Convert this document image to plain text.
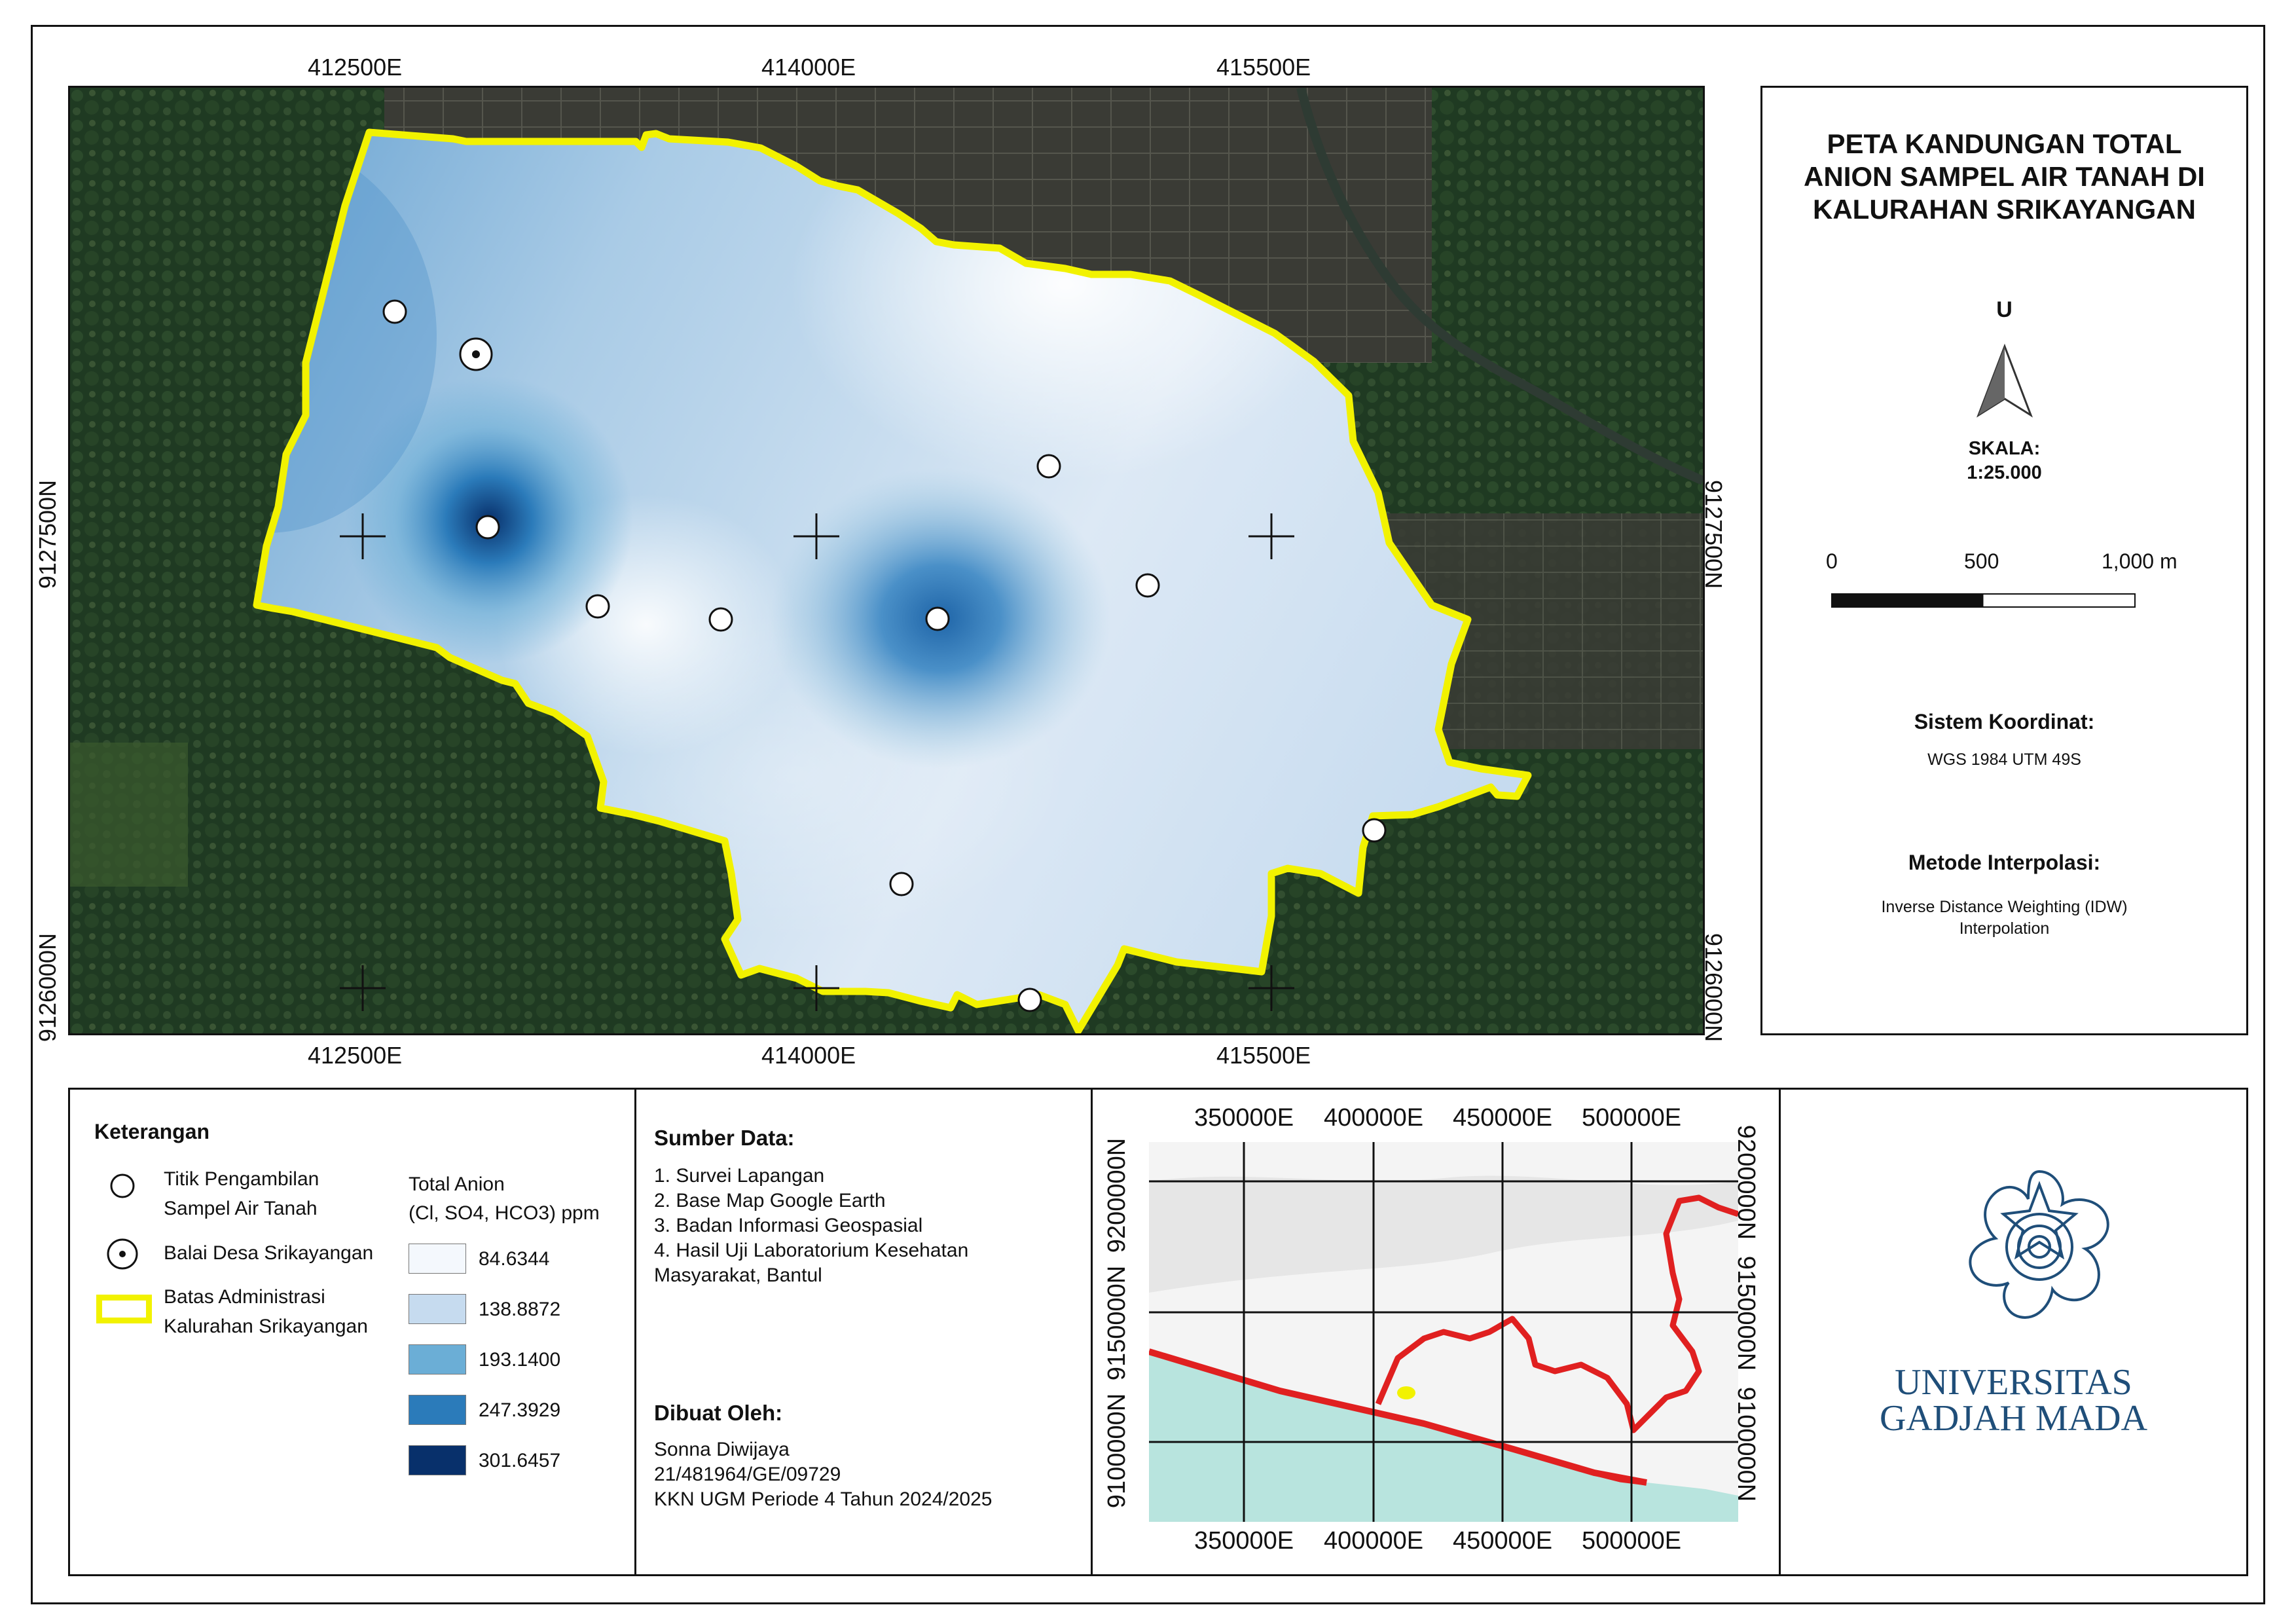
412500E	414000E	415500E
412500E	414000E	415500E
9127500N
9126000N
9127500N
9126000N
PETA KANDUNGAN TOTAL
ANION SAMPEL AIR TANAH DI
KALURAHAN SRIKAYANGAN
U
SKALA:
1:25.000
0	500	1,000 m
Sistem Koordinat:
WGS 1984 UTM 49S
Metode Interpolasi:
Inverse Distance Weighting (IDW)
Interpolation
Keterangan
Titik Pengambilan
Sampel Air Tanah
Balai Desa Srikayangan
Batas Administrasi
Kalurahan Srikayangan
Total Anion
(Cl, SO4, HCO3) ppm
84.6344
138.8872
193.1400
247.3929
301.6457
Sumber Data:
1. Survei Lapangan
2. Base Map Google Earth
3. Badan Informasi Geospasial
4. Hasil Uji Laboratorium Kesehatan
Masyarakat, Bantul
Dibuat Oleh:
Sonna Diwijaya
21/481964/GE/09729
KKN UGM Periode 4 Tahun 2024/2025
350000E 400000E 450000E 500000E
350000E 400000E 450000E 500000E
9100000N
9150000N
9200000N	9200000N
9150000N
9100000N
UNIVERSITAS
GADJAH MADA
